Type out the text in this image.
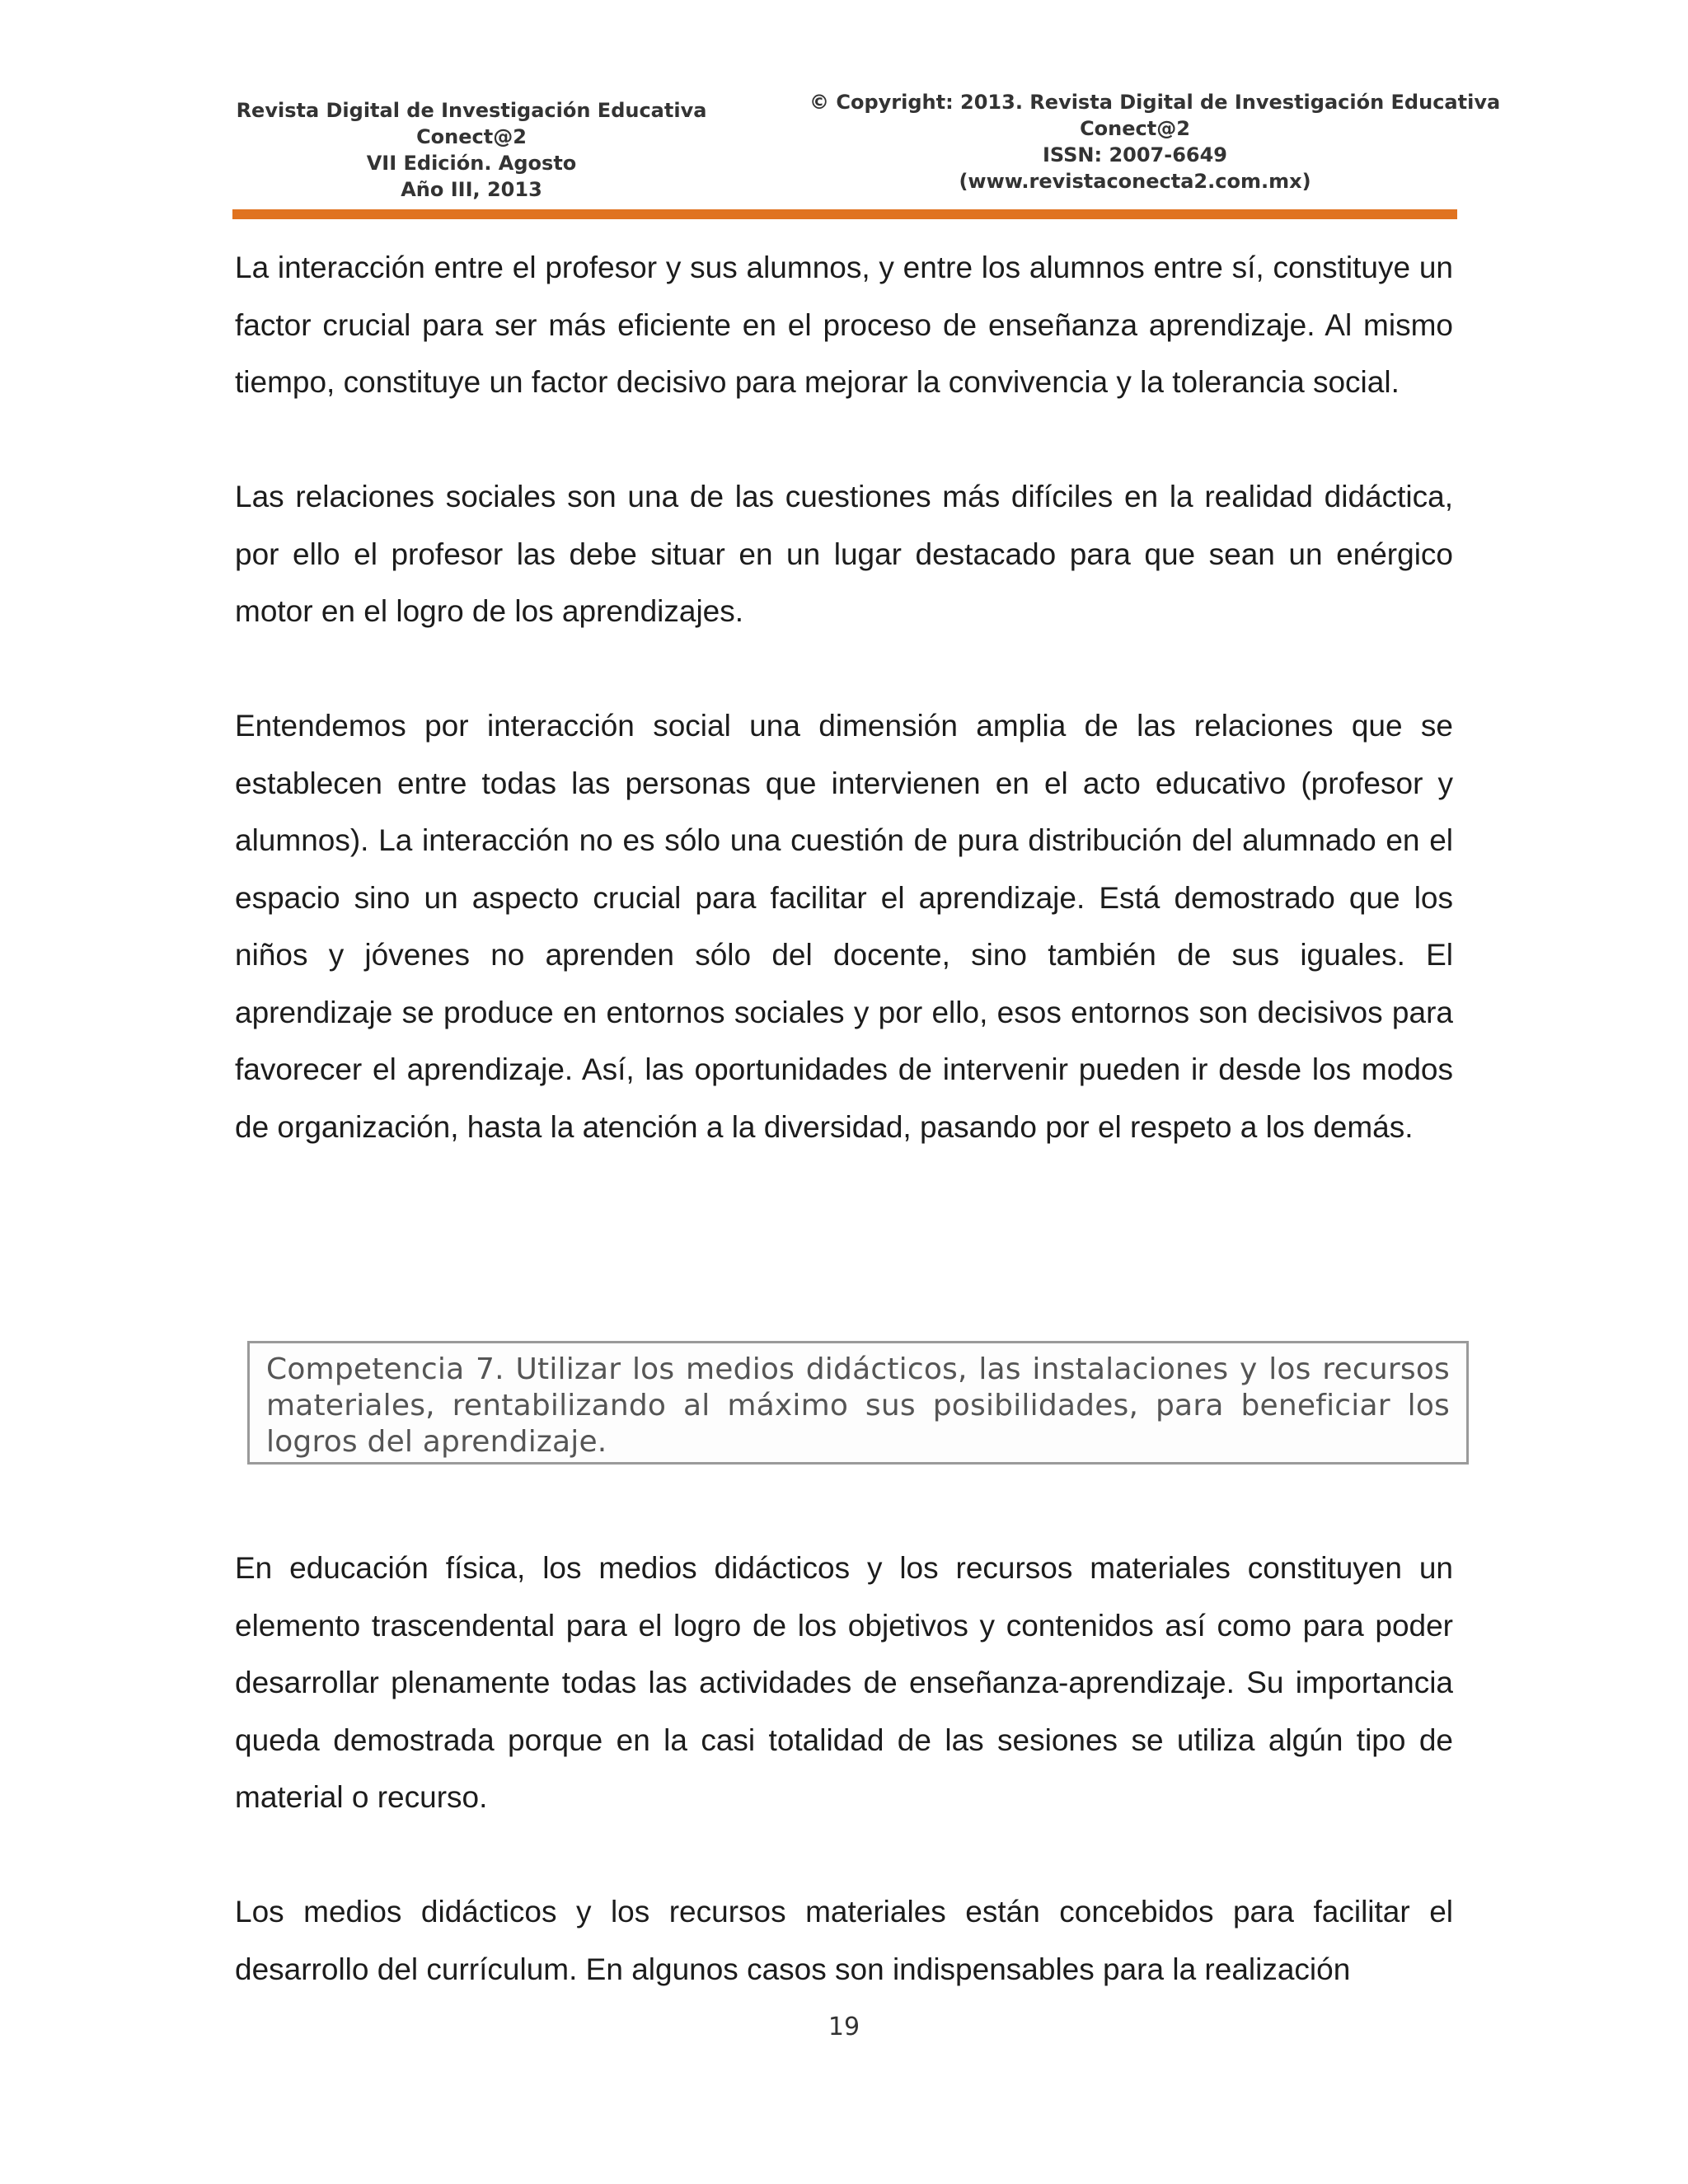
Revista Digital de Investigación Educativa
Conect@2
VII Edición. Agosto
Año III, 2013
© Copyright: 2013. Revista Digital de Investigación Educativa
Conect@2
ISSN: 2007-6649
(www.revistaconecta2.com.mx)

La interacción entre el profesor y sus alumnos, y entre los alumnos entre sí, constituye un factor crucial para ser más eficiente en el proceso de enseñanza aprendizaje. Al mismo tiempo, constituye un factor decisivo para mejorar la convivencia y la tolerancia social.

Las relaciones sociales son una de las cuestiones más difíciles en la realidad didáctica, por ello el profesor las debe situar en un lugar destacado para que sean un enérgico motor en el logro de los aprendizajes.

Entendemos por interacción social una dimensión amplia de las relaciones que se establecen entre todas las personas que intervienen en el acto educativo (profesor y alumnos). La interacción no es sólo una cuestión de pura distribución del alumnado en el espacio sino un aspecto crucial para facilitar el aprendizaje. Está demostrado que los niños y jóvenes no aprenden sólo del docente, sino también de sus iguales. El aprendizaje se produce en entornos sociales y por ello, esos entornos son decisivos para favorecer el aprendizaje. Así, las oportunidades de intervenir pueden ir desde los modos de organización, hasta la atención a la diversidad, pasando por el respeto a los demás.

Competencia 7. Utilizar los medios didácticos, las instalaciones y los recursos materiales, rentabilizando al máximo sus posibilidades, para beneficiar los logros del aprendizaje.

En educación física, los medios didácticos y los recursos materiales constituyen un elemento trascendental para el logro de los objetivos y contenidos así como para poder desarrollar plenamente todas las actividades de enseñanza-aprendizaje. Su importancia queda demostrada porque en la casi totalidad de las sesiones se utiliza algún tipo de material o recurso.

Los medios didácticos y los recursos materiales están concebidos para facilitar el desarrollo del currículum. En algunos casos son indispensables para la realización

19
